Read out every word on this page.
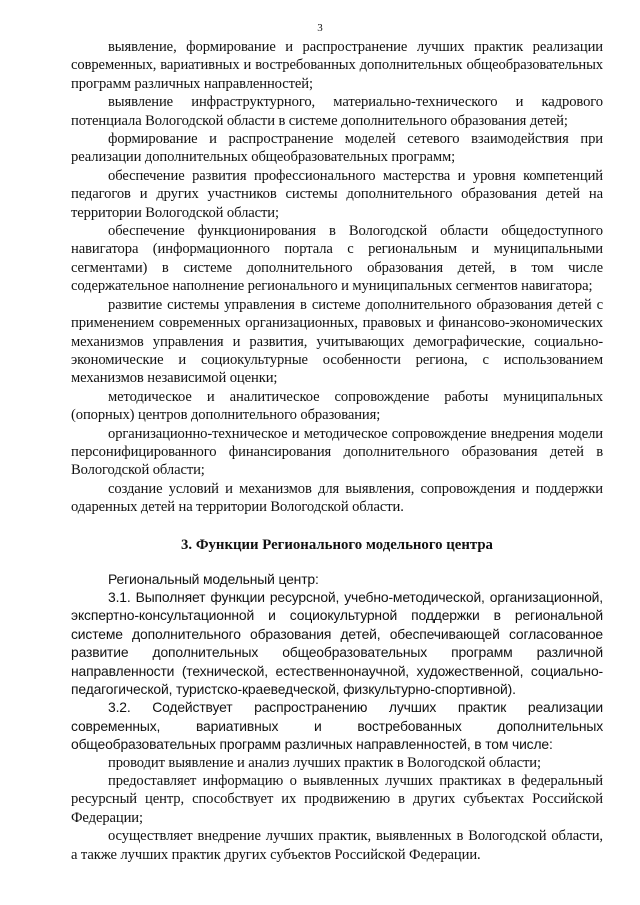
3

выявление, формирование и распространение лучших практик реализации современных, вариативных и востребованных дополнительных общеобразовательных программ различных направленностей;

выявление инфраструктурного, материально-технического и кадрового потенциала Вологодской области в системе дополнительного образования детей;

формирование и распространение моделей сетевого взаимодействия при реализации дополнительных общеобразовательных программ;

обеспечение развития профессионального мастерства и уровня компетенций педагогов и других участников системы дополнительного образования детей на территории Вологодской области;

обеспечение функционирования в Вологодской области общедоступного навигатора (информационного портала с региональным и муниципальными сегментами) в системе дополнительного образования детей, в том числе содержательное наполнение регионального и муниципальных сегментов навигатора;

развитие системы управления в системе дополнительного образования детей с применением современных организационных, правовых и финансово-экономических механизмов управления и развития, учитывающих демографические, социально-экономические и социокультурные особенности региона, с использованием механизмов независимой оценки;

методическое и аналитическое сопровождение работы муниципальных (опорных) центров дополнительного образования;

организационно-техническое и методическое сопровождение внедрения модели персонифицированного финансирования дополнительного образования детей в Вологодской области;

создание условий и механизмов для выявления, сопровождения и поддержки одаренных детей на территории Вологодской области.

3. Функции Регионального модельного центра

Региональный модельный центр:

3.1. Выполняет функции ресурсной, учебно-методической, организационной, экспертно-консультационной и социокультурной поддержки в региональной системе дополнительного образования детей, обеспечивающей согласованное развитие дополнительных общеобразовательных программ различной направленности (технической, естественнонаучной, художественной, социально-педагогической, туристско-краеведческой, физкультурно-спортивной).

3.2. Содействует распространению лучших практик реализации современных, вариативных и востребованных дополнительных общеобразовательных программ различных направленностей, в том числе:

проводит выявление и анализ лучших практик в Вологодской области;

предоставляет информацию о выявленных лучших практиках в федеральный ресурсный центр, способствует их продвижению в других субъектах Российской Федерации;

осуществляет внедрение лучших практик, выявленных в Вологодской области, а также лучших практик других субъектов Российской Федерации.
